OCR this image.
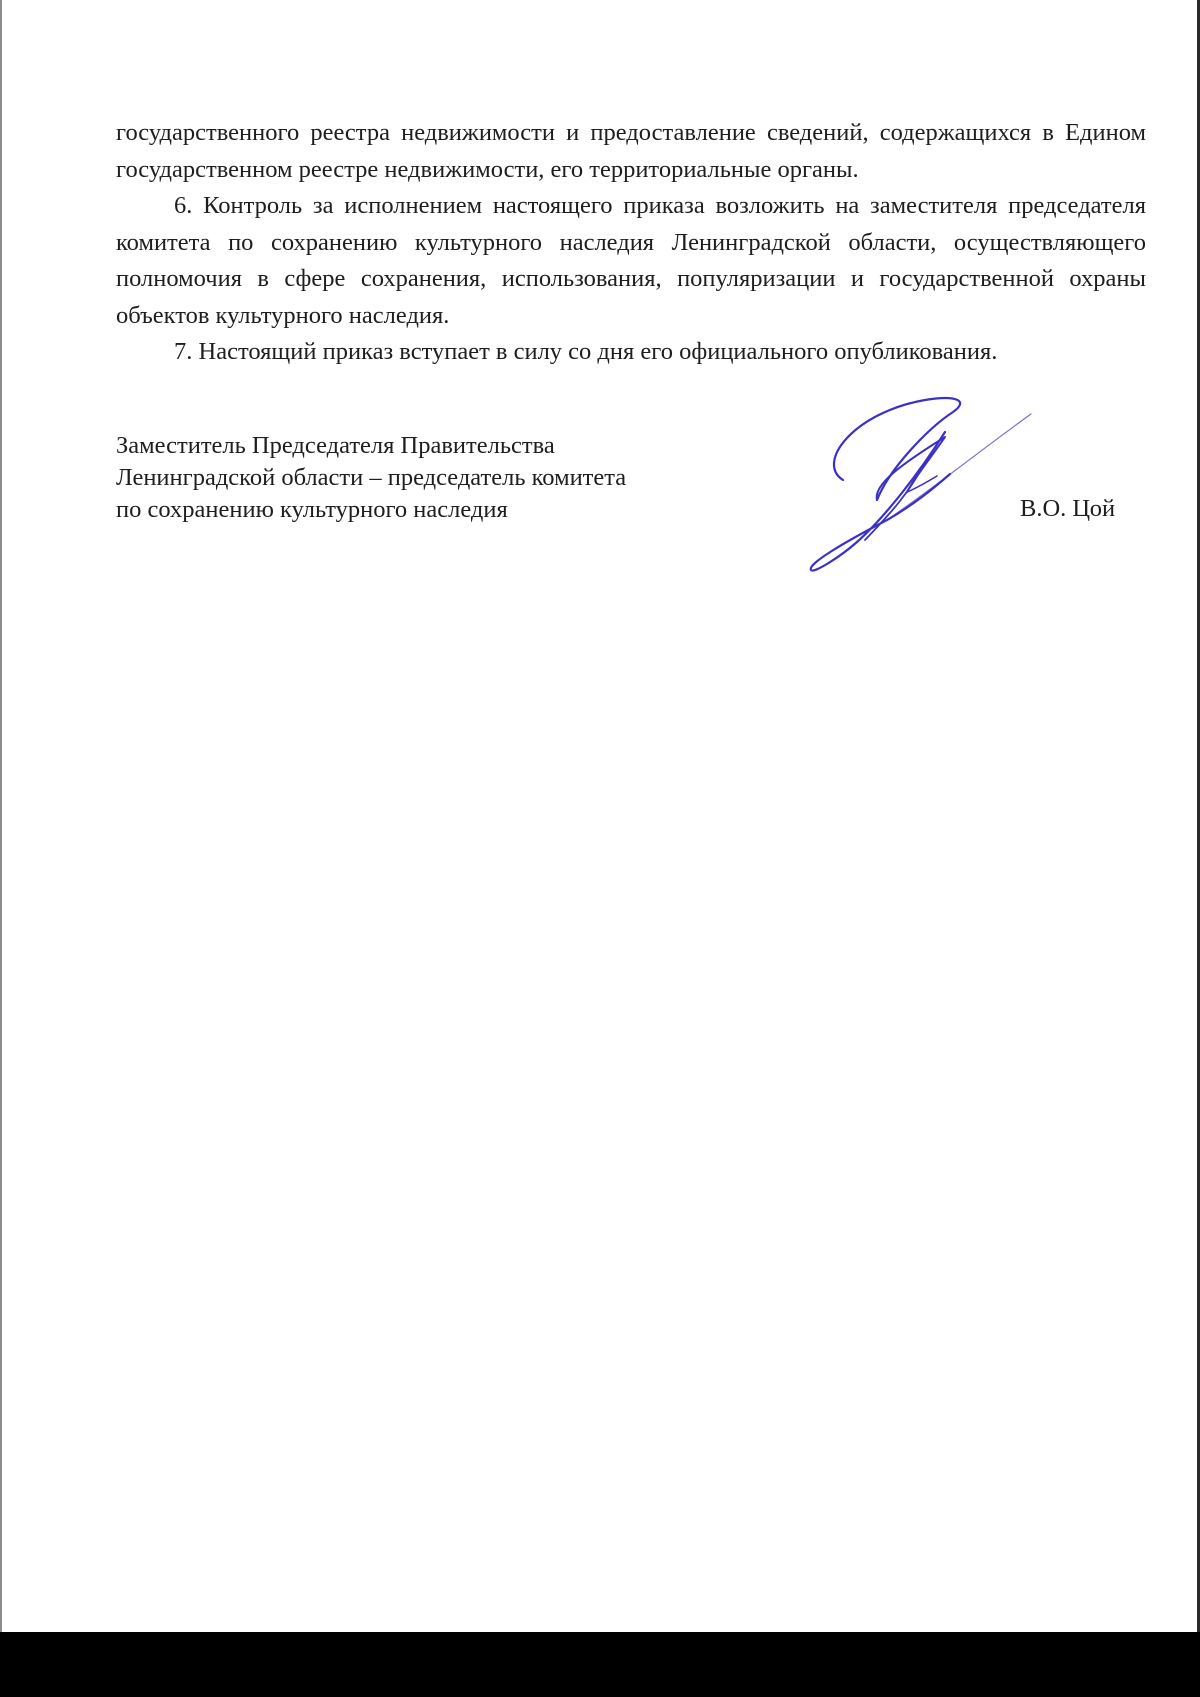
государственного реестра недвижимости и предоставление сведений, содержащихся в Едином государственном реестре недвижимости, его территориальные органы.

6. Контроль за исполнением настоящего приказа возложить на заместителя председателя комитета по сохранению культурного наследия Ленинградской области, осуществляющего полномочия в сфере сохранения, использования, популяризации и государственной охраны объектов культурного наследия.

7. Настоящий приказ вступает в силу со дня его официального опубликования.

Заместитель Председателя Правительства
Ленинградской области – председатель комитета
по сохранению культурного наследия	В.О. Цой
